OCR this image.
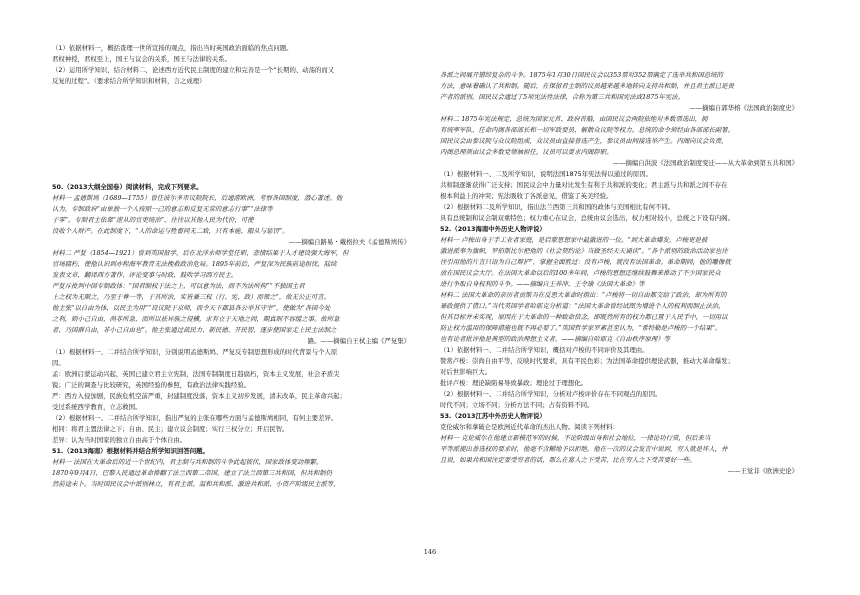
（1）依据材料一，概括查理一世所宣扬的观点，指出当时英国政治面临的焦点问题。
君权神授，君权至上，国王与议会的关系，国王与法律的关系。
（2）运用所学知识，结合材料二，论述西方近代民主制度的建立和完善是一个“长期的、动荡的而又
反复的过程”。（要求结合所学知识和材料，言之成理）
50.（2013大纲全国卷）阅读材料，完成下列要求。
材料一 孟德斯鸠（1689—1755）曾任波尔多市议院院长，后通游欧洲，考察各国制度，潜心著述。他
认为，专制政府“由单独一个人按照一己的意志和反复无常的意志行事”“法律等
于零”。专制君主依靠“逆从的官吏统治”，往往以其他人民为代价，可使
没收个人财产。在此制度下，“人的命运与牲畜同无二致，只有本能、服从与惩罚”。
——摘编自路易・戴格拉夫《孟德斯鸠传》
材料二 严复（1854—1921）曾到英国留学，后在北洋水师学堂任职，悲愤结果于人才建设强大海军，但
官场腐朽，使他认识到亦程海军教育无法挽救政治危局。1895年前后，严复深为民族前途担忧，陆续
发表文章，翻译西方著作，评论变事与时政，鼓吹学习西方民主。
严复斥批判中国专制政体：“国君制权于法之上，可以意为法，而不为法所拘”“不独国主君
上之权为无限之，乃至于尊一等，于其所治，实皆兼三权（行、宪、政）而领之”，故无公正可言。
他主张“以自由为体，以民主为用”“设议院于京师，而令天下郡县各公举其守宰”，使做为“各国今处
之利，则小己自由，尚非所急，而所以祛异族之侵横，求有立于天地之间，期真则不容缓之事。故所急
者，乃国群自由，非小己自由也”。他主张通过裁民力、新民德、开民智，逐步使国家走上民主法制之
路。——摘编自王栻主编《严复集》
（1）根据材料一、二并结合所学知识，分别说明孟德斯鸠、严复反专制思想形成的时代背景与个人原
因。
孟：欧洲启蒙运动兴起，英国已建立君主立宪制，法国专制制度日趋腐朽，资本主义发展，社会矛盾尖
锐；广泛的调查与比较研究，英国经验的参照，有政治法律实践经验。
严：西方入侵加剧，民族危机空前严重，封建制度没落，资本主义初步发展，清末改革，民主革命兴起；
受过系统西学教育，立志救国。
（2）根据材料一、二并结合所学知识，指出严复的主张在哪些方面与孟德斯鸠相同，有何主要差异。
相同：将君主置法律之下；自由、民主；建立议会制度；实行三权分立；开启民智。
差异：认为当时国家的独立自由高于个体自由。
51.（2013海南）根据材料并结合所学知识回答问题。
材料一 法国在大革命后的近一个世纪内，君主制与共和制的斗争此起彼伏，国家政体变动频繁。
1870年9月4日，巴黎人民通过革命推翻了法兰西第二帝国，建立了法兰西第三共和国，但共和制仍
然前途未卜。当时国民议会中派别林立，有君主派、温和共和派、激进共和派、小资产阶级民主派等，
各派之间展开错综复杂的斗争。1875年1月30日国民议会以353票对352票确定了选举共和国总统的
方法，意味着确认了共和制。随后，在保留君主制的议员越来越多地转向支持共和制，并且君主派已是贵
产者的派别。国民议会通过了5项宪法性法律，合称为第三共和国宪法或1875年宪法。
——摘编自郭华榕《法国政治制度史》
材料二 1875年宪法规定，总统为国家元首、政府首脑，由国民议会两院依绝对多数票选出，拥
有统率军队、任命内阁各部部长和一切军政要员、解散众议院等权力。总统的命令须经由各部部长副署。
国民议会由参议院与众议院组成，众议员由直接普选产生，参议员由间接选举产生。内阁向议会负责，
内阁总理须由议会多数党领袖担任，议员可以要求内阁辞职。
——摘编自洪波《法国政治制度变迁——从大革命到第五共和国》
（1）根据材料一、二及所学知识，说明法国1875年宪法得以通过的原因。
共和制逐渐获得广泛支持；国民议会中力量对比发生有利于共和派的变化；君主派与共和派之间不存在
根本利益上的冲突；宪法吸收了各派意见，借鉴了英美经验。
（2）根据材料二及所学知识，指出法兰西第三共和国的政体与美国相比有何不同。
具有总统制和议会制双重特色；权力重心在议会，总统由议会选出，权力相对较小，总统之下设有内阁。
52.（2013海南中外历史人物评说）
材料一 卢梭出身于手工业者家庭，是启蒙思想家中最激进的一位。“到大革命爆发，卢梭更是被
激进派奉为旗帜，罗伯斯比尔把他的《社会契约论》当做圣经天天诵读”。“各个派别的政治活动家也往
往引用他的片言只语为自己辩护”，掌握全面胜过：没有卢梭，就没有法国革命。革命期间，他的雕像就
放在国民议会大厅。在法国大革命以后的100多年间，卢梭的思想还继续鼓舞来推动了不少国家民众
进行争取自身权利的斗争。——摘编自王养冲、王令瑜《法国大革命》等
材料二 法国大革命的亲历者贡斯当在反思大革命时指出：“卢梭将一切自由都交给了政治，却为所有的
暴政提供了借口。”当代英国学者哈耶克分析道：“法国大革命曾经试图为增进个人的权利而制止法治，
但其目标并未实现，原因在于大革命的一种致命信念，即既然所有的权力都已置于人民手中，一切用以
防止权力滥用的保障措施也就不再必要了。”英国哲学家罗素甚至认为，“希特勒是卢梭的一个结果”。
也有论者批评他是典型的政治理想主义者。——摘编自哈耶克《自由秩序原理》等
（1）依据材料一、二并结合所学知识，概括对卢梭的不同评价及其理由。
赞赏卢梭：崇尚自由平等，反映时代要求，具有平民色彩；为法国革命提供理论武器，推动大革命爆发；
对后世影响巨大。
批评卢梭：理论缺陷易导致暴政；理论过于理想化。
（2）根据材料一、二并结合所学知识，分析对卢梭评价存在不同观点的原因。
时代不同；立场不同；分析方法不同；占有资料不同。
53.（2013江苏中外历史人物评说）
克伦威尔和拿破仑是欧洲近代革命的杰出人物。阅读下列材料：
材料一 克伦威尔在他建立新模范军的时候，不论阶级出身和社会地位，一律论功行赏，但后来当
平等派提出普选权的要求时，他毫不含糊地予以拒绝。他在一次的议会发言中说到，穷人就是坏人，并
且说，如果共和国注定要受穷者的话，那么在富人之下受苦，比在穷人之下受苦要好一些。
——王觉非《欧洲史论》
146
